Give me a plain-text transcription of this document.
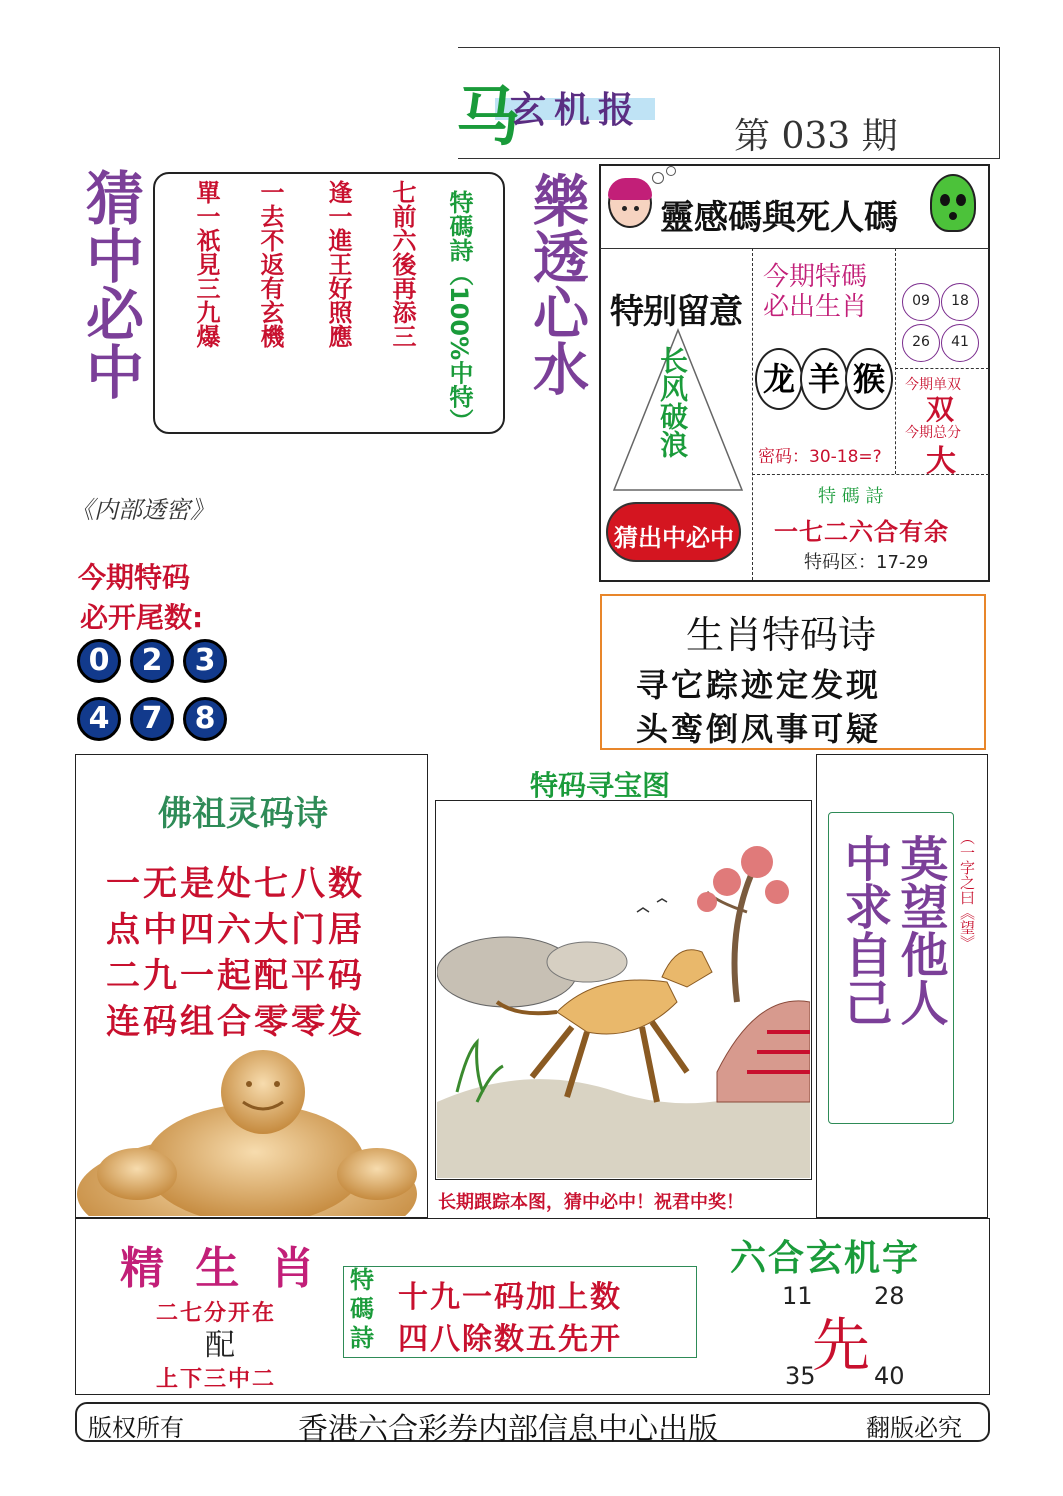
马
玄机报
第 033 期
猜中必中	七前六後再添三
逢一進王好照應
一去不返有玄機
單一祇見三九爆	特碼詩（100%中特） 樂透心水 靈感碼與死人碼
特别留意
长风破浪
猜出中必中
今期特碼必出生肖
龙 羊 猴
密码：30-18=?
09	18
26	41
今期单双
双
今期总分
大
特 碼 詩
一七二六合有余
特码区：17-29
《内部透密》
今期特码
必开尾数:
0	2	3
4	7	8
生肖特码诗
寻它踪迹定发现
头鸾倒凤事可疑
佛祖灵码诗
一无是处七八数
点中四六大门居
二九一起配平码
连码组合零零发
特码寻宝图
长期跟踪本图，猜中必中！祝君中奖！
莫望他人
中求自己	（一字之曰《望》
精 生 肖
二七分开在
配
上下三中二
特碼詩
十九一码加上数
四八除数五先开
六合玄机字
11	28
先
35 40
版权所有	香港六合彩券内部信息中心出版	翻版必究
